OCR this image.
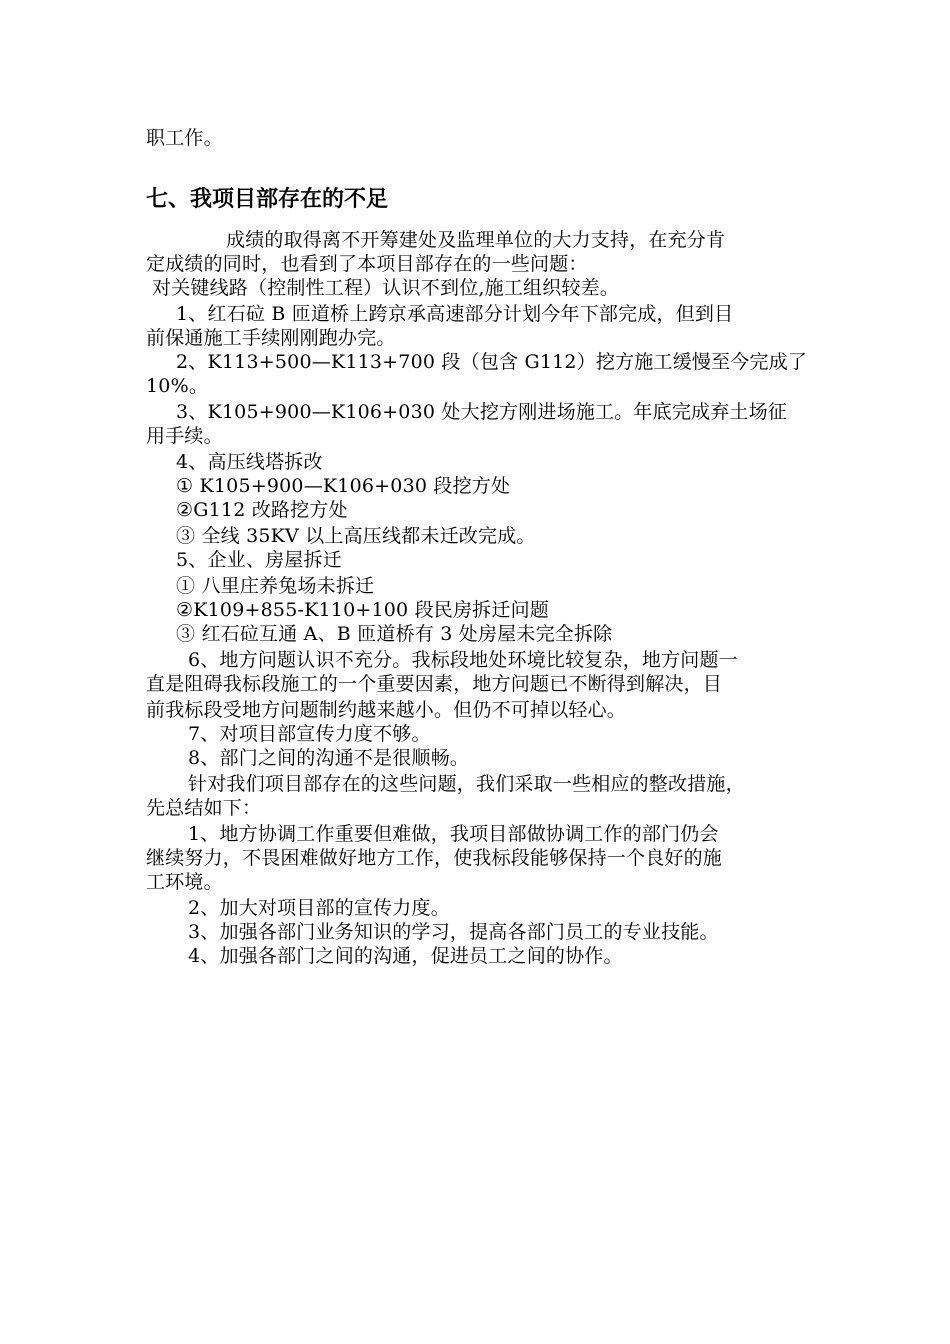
职工作。
七、我项目部存在的不足
成绩的取得离不开筹建处及监理单位的大力支持，在充分肯
定成绩的同时，也看到了本项目部存在的一些问题：
对关键线路（控制性工程）认识不到位,施工组织较差。
1、红石砬 B 匝道桥上跨京承高速部分计划今年下部完成，但到目
前保通施工手续刚刚跑办完。
2、K113+500—K113+700 段（包含 G112）挖方施工缓慢至今完成了
10%。
3、K105+900—K106+030 处大挖方刚进场施工。年底完成弃土场征
用手续。
4、高压线塔拆改
① K105+900—K106+030 段挖方处
②G112 改路挖方处
③ 全线 35KV 以上高压线都未迁改完成。
5、企业、房屋拆迁
① 八里庄养兔场未拆迁
②K109+855-K110+100 段民房拆迁问题
③ 红石砬互通 A、B 匝道桥有 3 处房屋未完全拆除
6、地方问题认识不充分。我标段地处环境比较复杂，地方问题一
直是阻碍我标段施工的一个重要因素，地方问题已不断得到解决，目
前我标段受地方问题制约越来越小。但仍不可掉以轻心。
7、对项目部宣传力度不够。
8、部门之间的沟通不是很顺畅。
针对我们项目部存在的这些问题，我们采取一些相应的整改措施，
先总结如下：
1、地方协调工作重要但难做，我项目部做协调工作的部门仍会
继续努力，不畏困难做好地方工作，使我标段能够保持一个良好的施
工环境。
2、加大对项目部的宣传力度。
3、加强各部门业务知识的学习，提高各部门员工的专业技能。
4、加强各部门之间的沟通，促进员工之间的协作。
